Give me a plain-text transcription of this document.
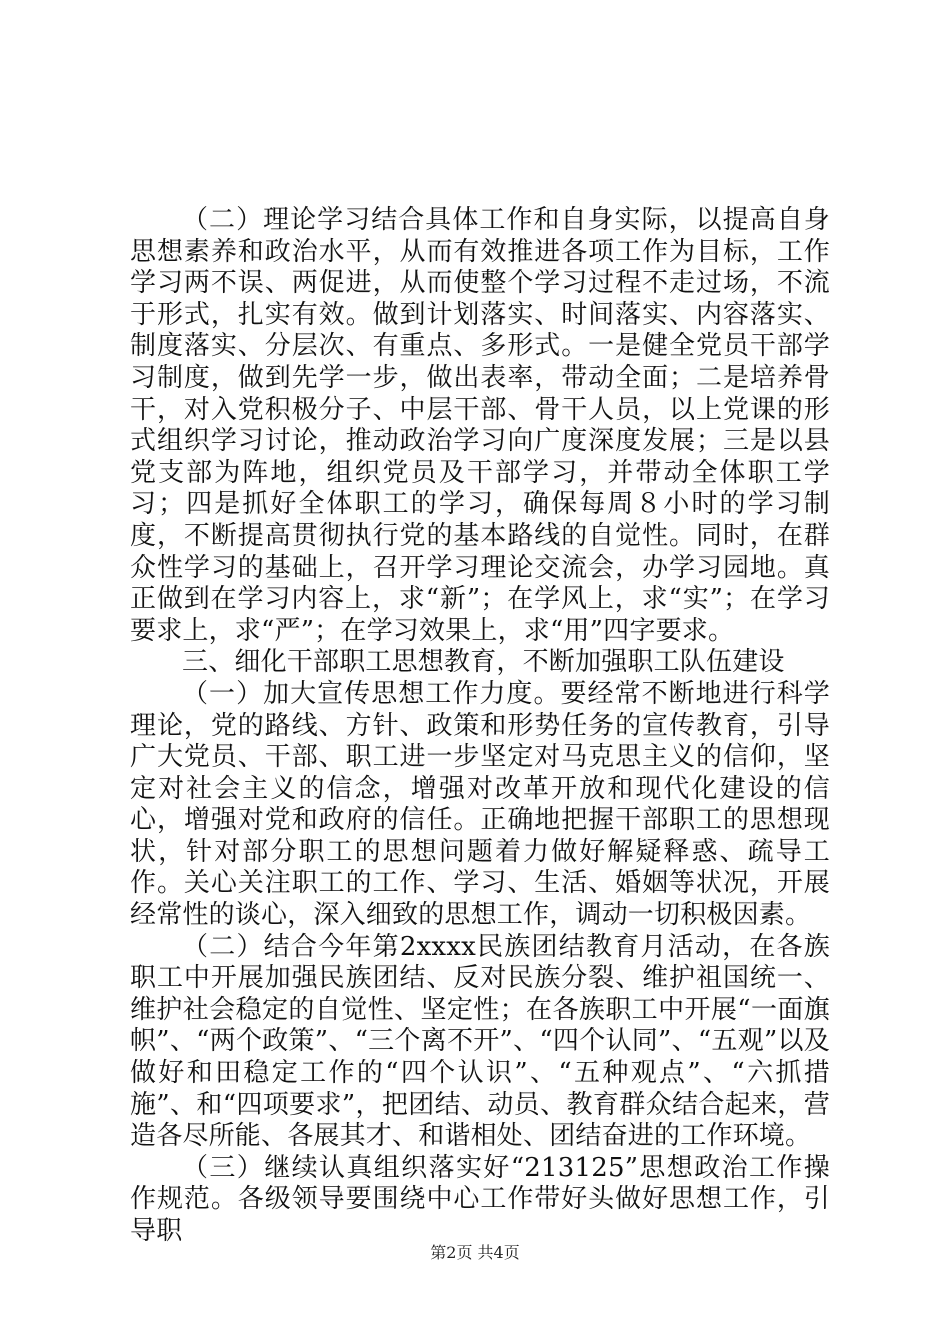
（二）理论学习结合具体工作和自身实际，以提高自身思想素养和政治水平，从而有效推进各项工作为目标，工作学习两不误、两促进，从而使整个学习过程不走过场，不流于形式，扎实有效。做到计划落实、时间落实、内容落实、制度落实、分层次、有重点、多形式。一是健全党员干部学习制度，做到先学一步，做出表率，带动全面；二是培养骨干，对入党积极分子、中层干部、骨干人员，以上党课的形式组织学习讨论，推动政治学习向广度深度发展；三是以县党支部为阵地，组织党员及干部学习，并带动全体职工学习；四是抓好全体职工的学习，确保每周８小时的学习制度，不断提高贯彻执行党的基本路线的自觉性。同时，在群众性学习的基础上，召开学习理论交流会，办学习园地。真正做到在学习内容上，求“新”；在学风上，求“实”；在学习要求上，求“严”；在学习效果上，求“用”四字要求。

三、细化干部职工思想教育，不断加强职工队伍建设

（一）加大宣传思想工作力度。要经常不断地进行科学理论，党的路线、方针、政策和形势任务的宣传教育，引导广大党员、干部、职工进一步坚定对马克思主义的信仰，坚定对社会主义的信念，增强对改革开放和现代化建设的信心，增强对党和政府的信任。正确地把握干部职工的思想现状，针对部分职工的思想问题着力做好解疑释惑、疏导工作。关心关注职工的工作、学习、生活、婚姻等状况，开展经常性的谈心，深入细致的思想工作，调动一切积极因素。

（二）结合今年第2xxxx民族团结教育月活动，在各族职工中开展加强民族团结、反对民族分裂、维护祖国统一、维护社会稳定的自觉性、坚定性；在各族职工中开展“一面旗帜”、“两个政策”、“三个离不开”、“四个认同”、“五观”以及做好和田稳定工作的“四个认识”、“五种观点”、“六抓措施”、和“四项要求”，把团结、动员、教育群众结合起来，营造各尽所能、各展其才、和谐相处、团结奋进的工作环境。

（三）继续认真组织落实好“213125”思想政治工作操作规范。各级领导要围绕中心工作带好头做好思想工作，引导职

第2页 共4页
